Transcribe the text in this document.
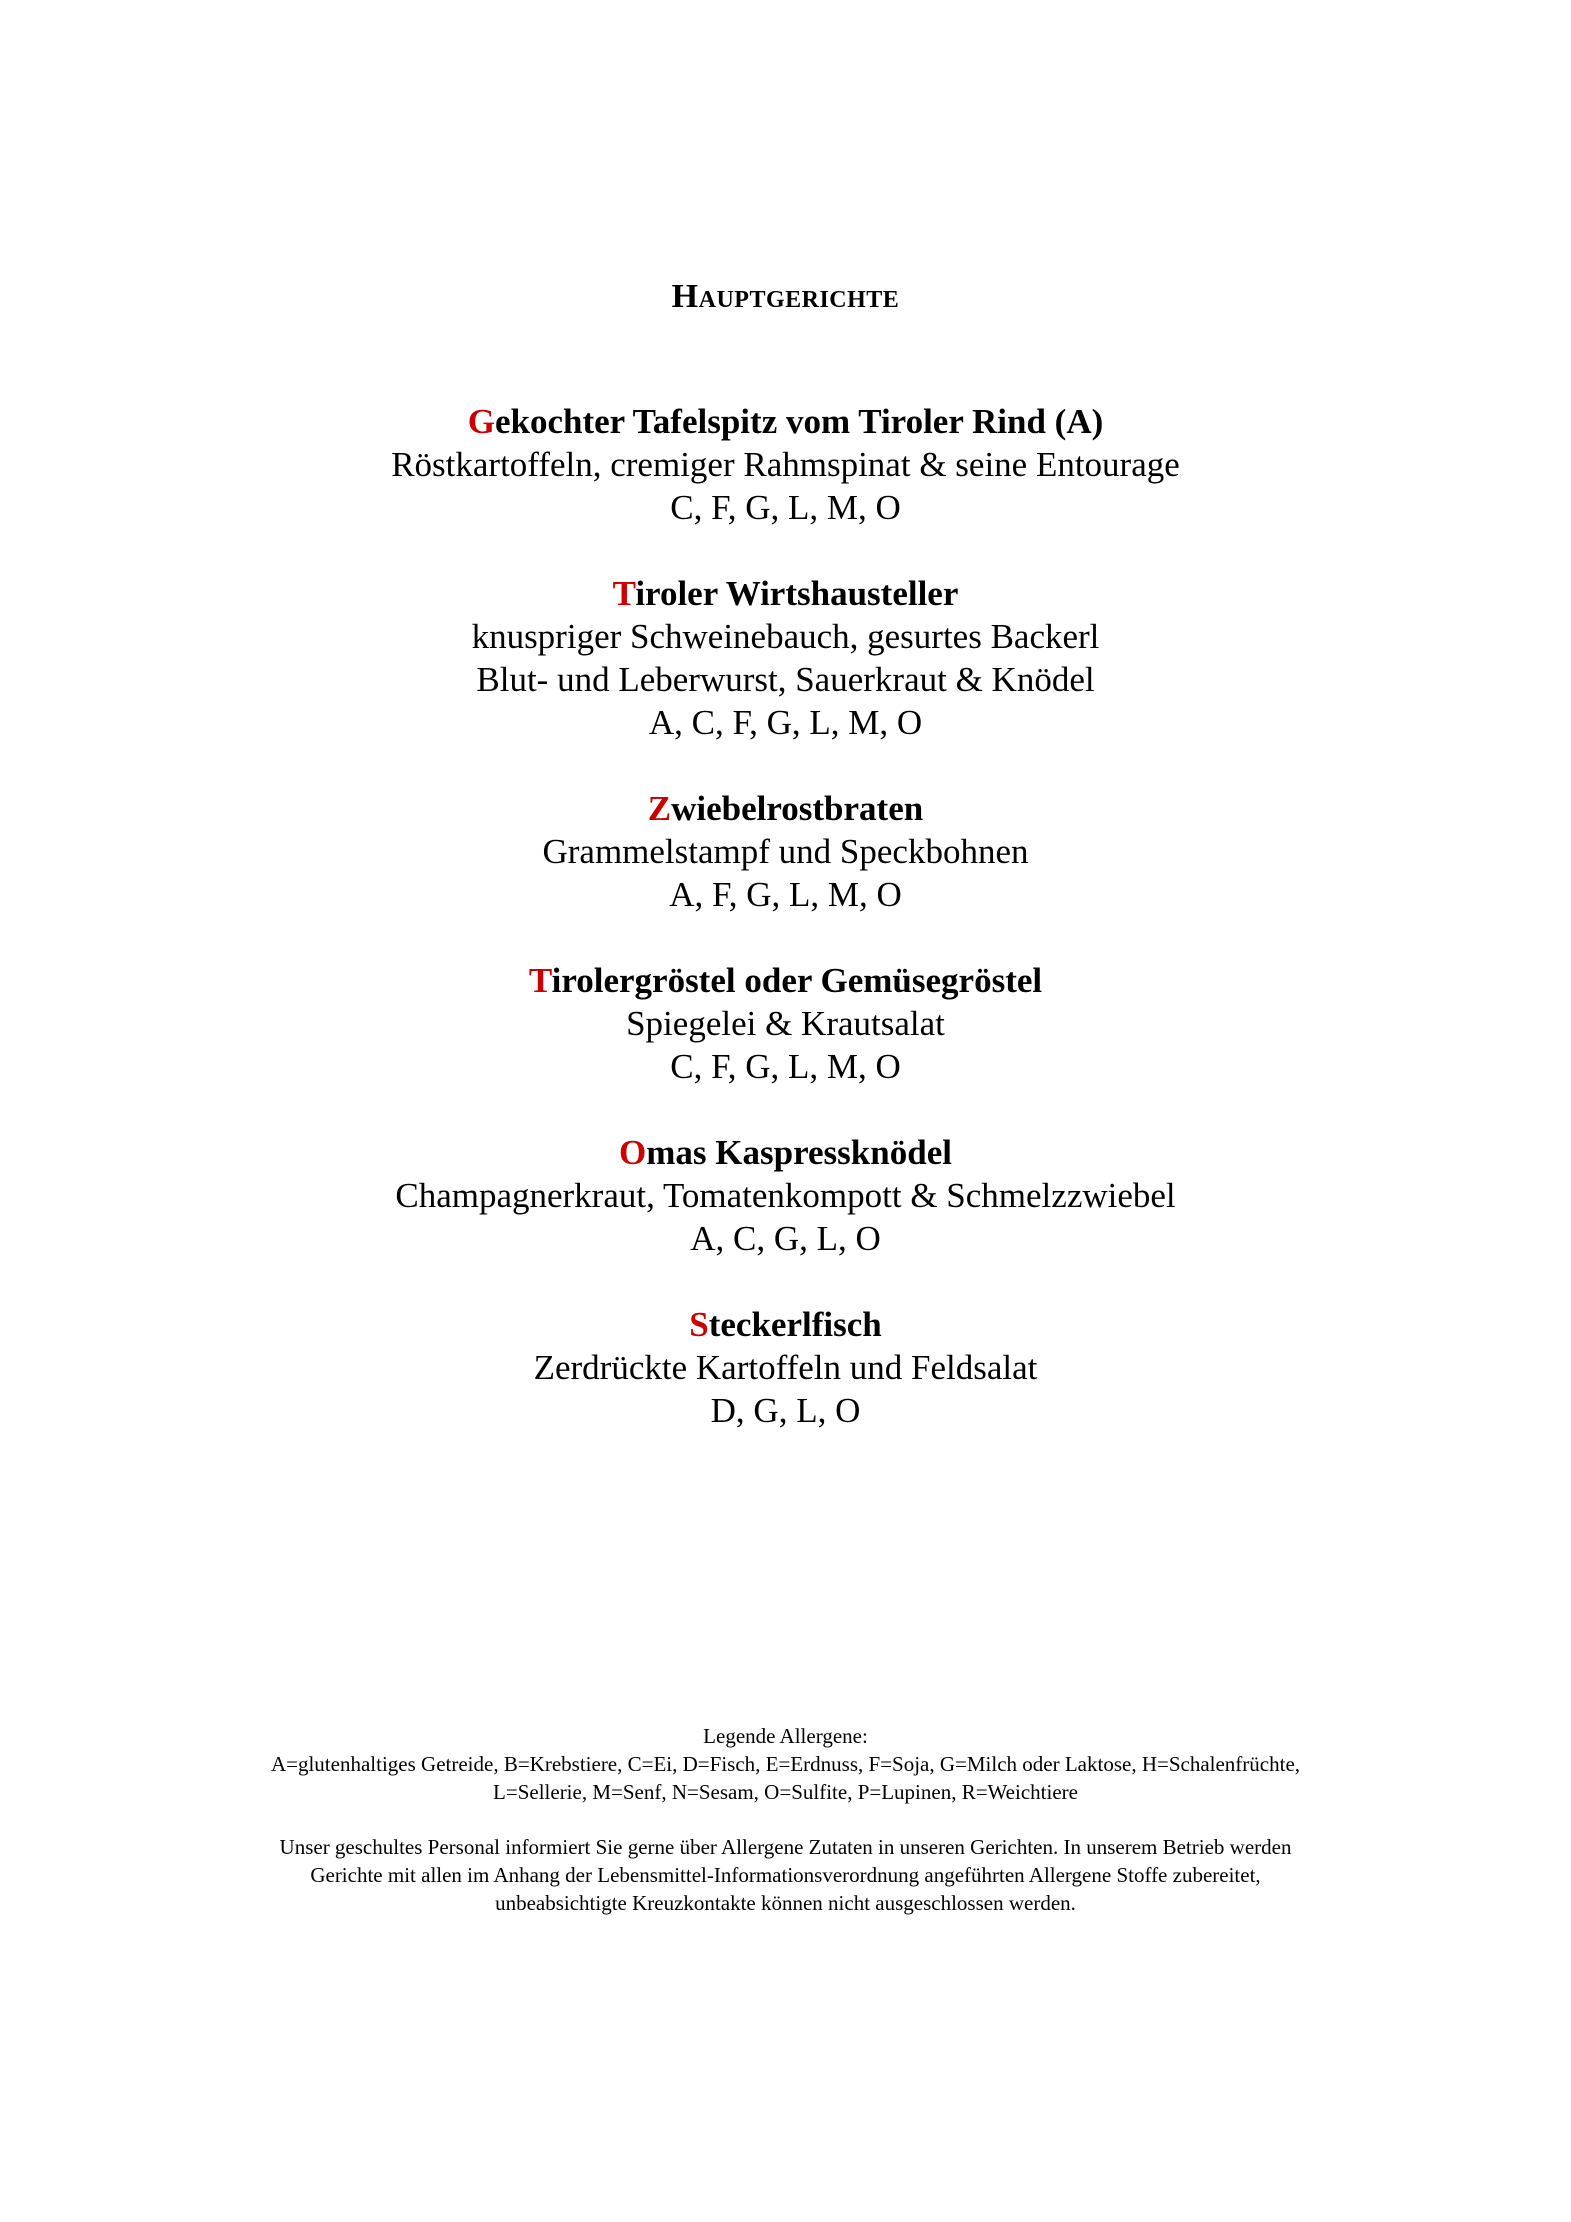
Hauptgerichte

Gekochter Tafelspitz vom Tiroler Rind (A)

Röstkartoffeln, cremiger Rahmspinat & seine Entourage

C, F, G, L, M, O

Tiroler Wirtshausteller

knuspriger Schweinebauch, gesurtes Backerl

Blut- und Leberwurst, Sauerkraut & Knödel

A, C, F, G, L, M, O

Zwiebelrostbraten

Grammelstampf und Speckbohnen

A, F, G, L, M, O

Tirolergröstel oder Gemüsegröstel

Spiegelei & Krautsalat

C, F, G, L, M, O

Omas Kaspressknödel

Champagnerkraut, Tomatenkompott & Schmelzzwiebel

A, C, G, L, O

Steckerlfisch

Zerdrückte Kartoffeln und Feldsalat

D, G, L, O

Legende Allergene:

A=glutenhaltiges Getreide, B=Krebstiere, C=Ei, D=Fisch, E=Erdnuss, F=Soja, G=Milch oder Laktose, H=Schalenfrüchte,

L=Sellerie, M=Senf, N=Sesam, O=Sulfite, P=Lupinen, R=Weichtiere

Unser geschultes Personal informiert Sie gerne über Allergene Zutaten in unseren Gerichten. In unserem Betrieb werden

Gerichte mit allen im Anhang der Lebensmittel-Informationsverordnung angeführten Allergene Stoffe zubereitet,

unbeabsichtigte Kreuzkontakte können nicht ausgeschlossen werden.
